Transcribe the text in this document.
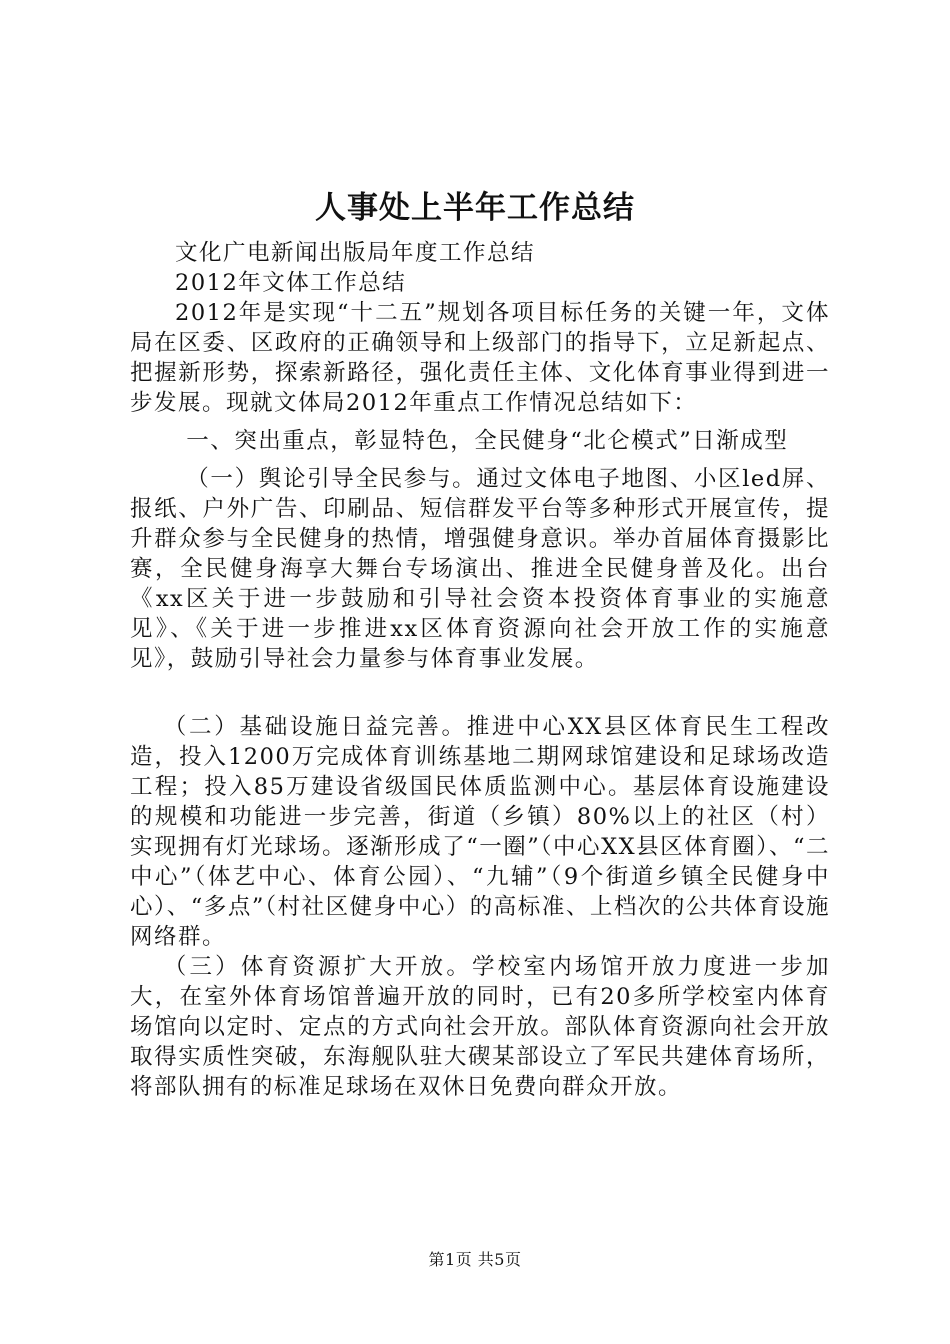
人事处上半年工作总结

文化广电新闻出版局年度工作总结

2012年文体工作总结

2012年是实现“十二五”规划各项目标任务的关键一年，文体局在区委、区政府的正确领导和上级部门的指导下，立足新起点、把握新形势，探索新路径，强化责任主体、文化体育事业得到进一步发展。现就文体局2012年重点工作情况总结如下：

一、突出重点，彰显特色，全民健身“北仑模式”日渐成型

（一）舆论引导全民参与。通过文体电子地图、小区led屏、报纸、户外广告、印刷品、短信群发平台等多种形式开展宣传，提升群众参与全民健身的热情，增强健身意识。举办首届体育摄影比赛，全民健身海享大舞台专场演出、推进全民健身普及化。出台《xx区关于进一步鼓励和引导社会资本投资体育事业的实施意见》、《关于进一步推进xx区体育资源向社会开放工作的实施意见》，鼓励引导社会力量参与体育事业发展。

（二）基础设施日益完善。推进中心XX县区体育民生工程改造，投入1200万完成体育训练基地二期网球馆建设和足球场改造工程；投入85万建设省级国民体质监测中心。基层体育设施建设的规模和功能进一步完善，街道（乡镇）80%以上的社区（村）实现拥有灯光球场。逐渐形成了“一圈”（中心XX县区体育圈）、“二中心”（体艺中心、体育公园）、“九辅”（9个街道乡镇全民健身中心）、“多点”（村社区健身中心）的高标准、上档次的公共体育设施网络群。

（三）体育资源扩大开放。学校室内场馆开放力度进一步加大，在室外体育场馆普遍开放的同时，已有20多所学校室内体育场馆向以定时、定点的方式向社会开放。部队体育资源向社会开放取得实质性突破，东海舰队驻大碶某部设立了军民共建体育场所，将部队拥有的标准足球场在双休日免费向群众开放。

第1页 共5页
